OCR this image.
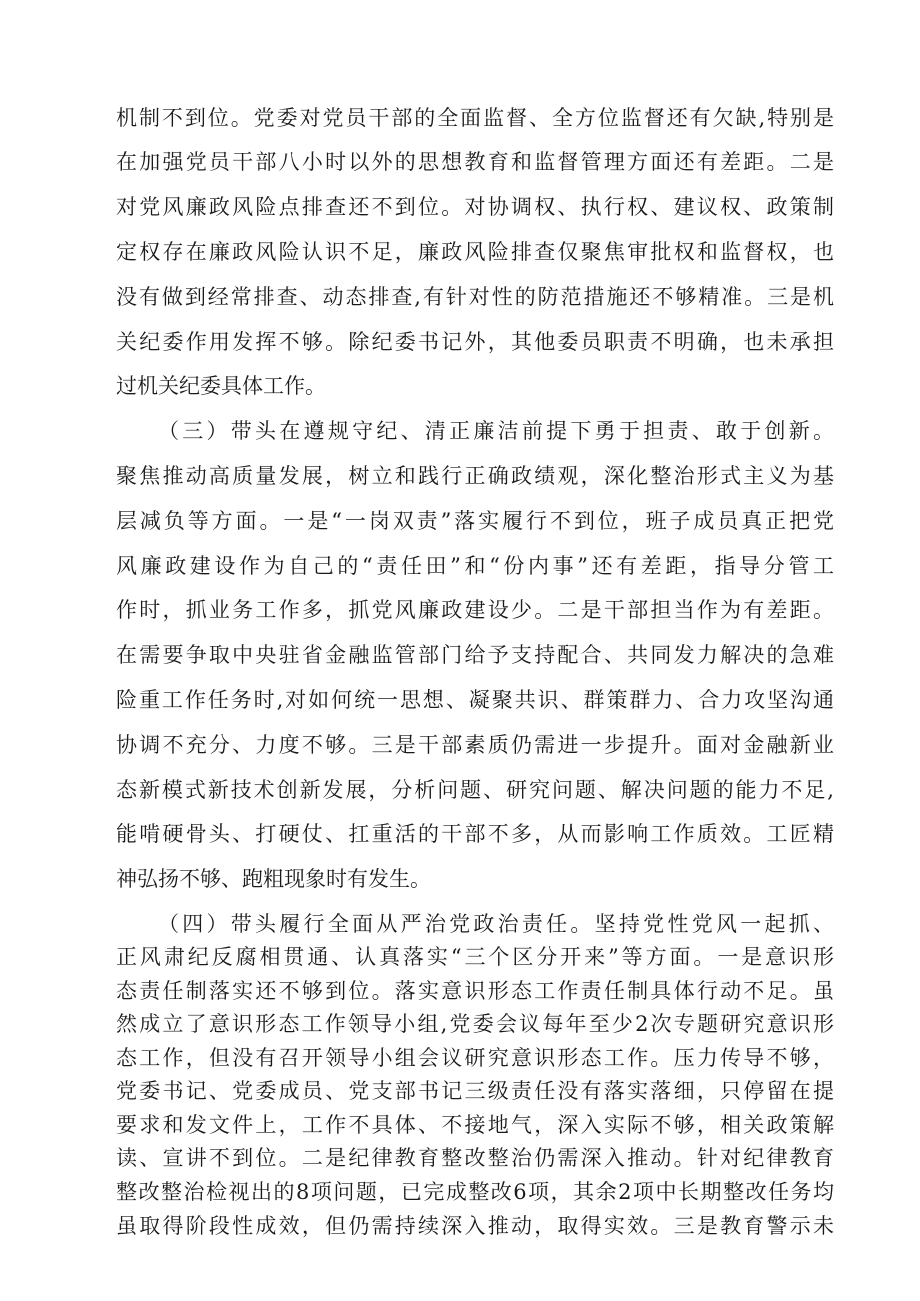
机制不到位。党委对党员干部的全面监督、全方位监督还有欠缺,特别是
在加强党员干部八小时以外的思想教育和监督管理方面还有差距。二是
对党风廉政风险点排查还不到位。对协调权、执行权、建议权、政策制
定权存在廉政风险认识不足，廉政风险排查仅聚焦审批权和监督权，也
没有做到经常排查、动态排查,有针对性的防范措施还不够精准。三是机
关纪委作用发挥不够。除纪委书记外，其他委员职责不明确，也未承担
过机关纪委具体工作。
（三）带头在遵规守纪、清正廉洁前提下勇于担责、敢于创新。
聚焦推动高质量发展，树立和践行正确政绩观，深化整治形式主义为基
层减负等方面。一是“一岗双责”落实履行不到位，班子成员真正把党
风廉政建设作为自己的“责任田”和“份内事”还有差距，指导分管工
作时，抓业务工作多，抓党风廉政建设少。二是干部担当作为有差距。
在需要争取中央驻省金融监管部门给予支持配合、共同发力解决的急难
险重工作任务时,对如何统一思想、凝聚共识、群策群力、合力攻坚沟通
协调不充分、力度不够。三是干部素质仍需进一步提升。面对金融新业
态新模式新技术创新发展，分析问题、研究问题、解决问题的能力不足,
能啃硬骨头、打硬仗、扛重活的干部不多，从而影响工作质效。工匠精
神弘扬不够、跑粗现象时有发生。
（四）带头履行全面从严治党政治责任。坚持党性党风一起抓、
正风肃纪反腐相贯通、认真落实“三个区分开来”等方面。一是意识形
态责任制落实还不够到位。落实意识形态工作责任制具体行动不足。虽
然成立了意识形态工作领导小组,党委会议每年至少2次专题研究意识形
态工作，但没有召开领导小组会议研究意识形态工作。压力传导不够，
党委书记、党委成员、党支部书记三级责任没有落实落细，只停留在提
要求和发文件上，工作不具体、不接地气，深入实际不够，相关政策解
读、宣讲不到位。二是纪律教育整改整治仍需深入推动。针对纪律教育
整改整治检视出的8项问题，已完成整改6项，其余2项中长期整改任务均
虽取得阶段性成效，但仍需持续深入推动，取得实效。三是教育警示未
